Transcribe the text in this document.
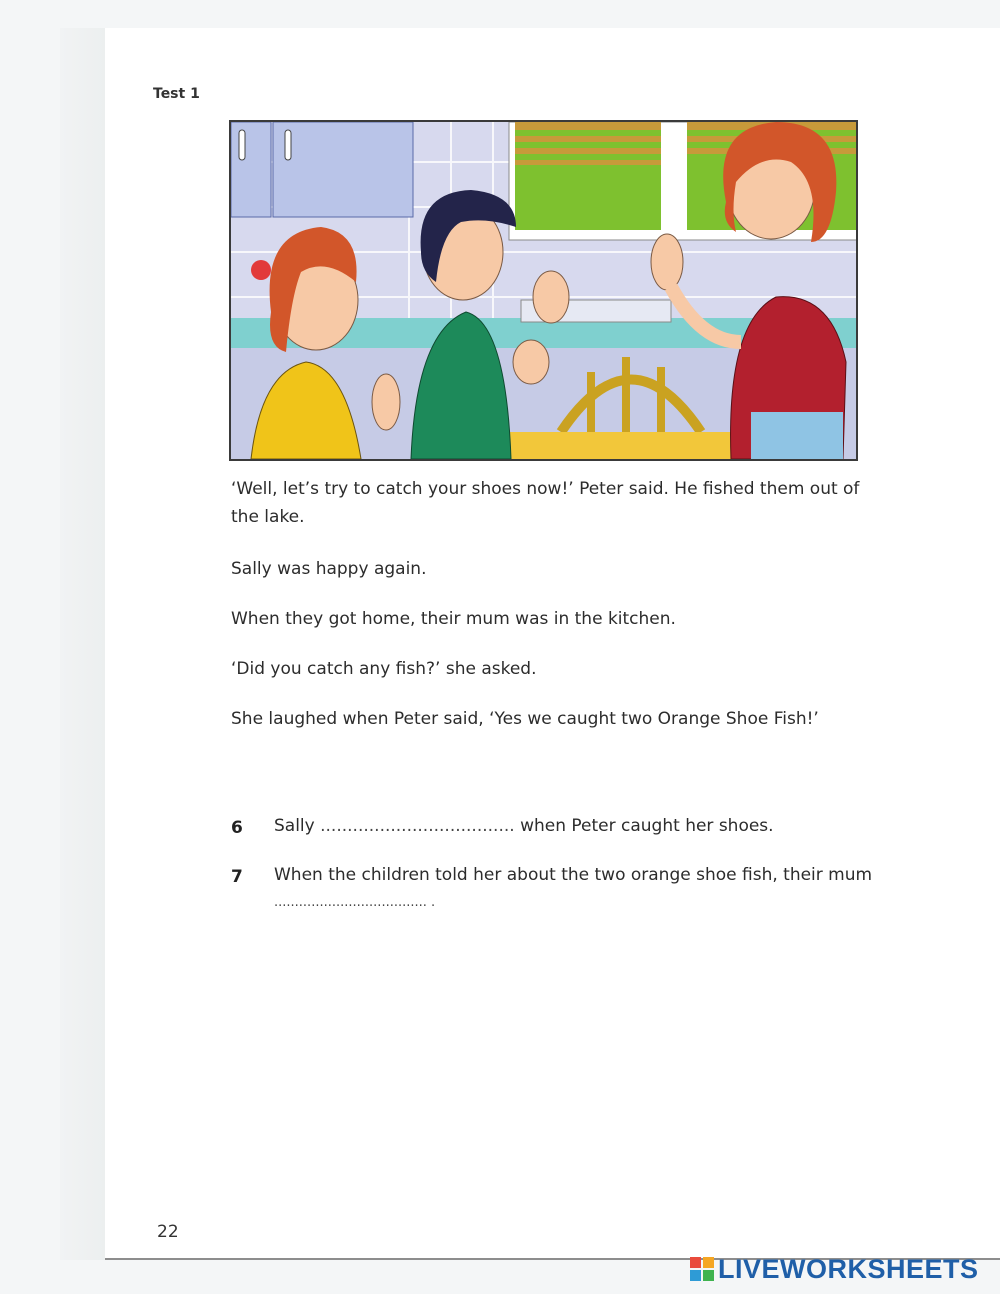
Test 1
‘Well, let’s try to catch your shoes now!’ Peter said. He fished them out of the lake.
Sally was happy again.
When they got home, their mum was in the kitchen.
‘Did you catch any fish?’ she asked.
She laughed when Peter said, ‘Yes we caught two Orange Shoe Fish!’
6 Sally .................................... when Peter caught her shoes.
7 When the children told her about the two orange shoe fish, their mum
..................................... .
22
LIVEWORKSHEETS
